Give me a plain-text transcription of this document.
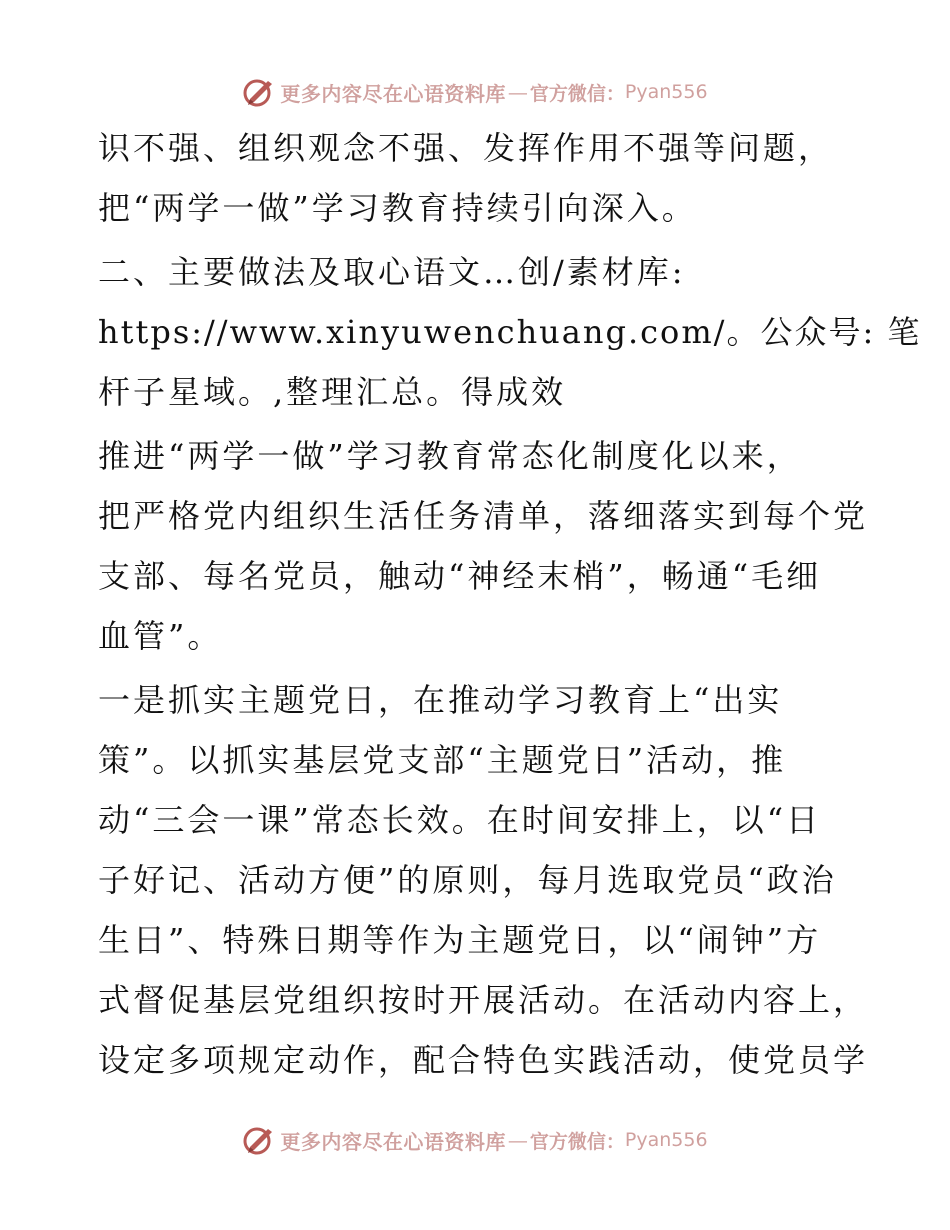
更多内容尽在心语资料库 — 官方微信： Pyan556
识不强、组织观念不强、发挥作用不强等问题，
把“两学一做”学习教育持续引向深入。
二、主要做法及取心语文…创/素材库:
https://www.xinyuwenchuang.com/。公众号: 笔
杆子星域。,整理汇总。得成效
推进“两学一做”学习教育常态化制度化以来，
把严格党内组织生活任务清单，落细落实到每个党
支部、每名党员，触动“神经末梢”，畅通“毛细
血管”。
一是抓实主题党日，在推动学习教育上“出实
策”。以抓实基层党支部“主题党日”活动，推
动“三会一课”常态长效。在时间安排上，以“日
子好记、活动方便”的原则，每月选取党员“政治
生日”、特殊日期等作为主题党日，以“闹钟”方
式督促基层党组织按时开展活动。在活动内容上，
设定多项规定动作，配合特色实践活动，使党员学
更多内容尽在心语资料库 — 官方微信： Pyan556
